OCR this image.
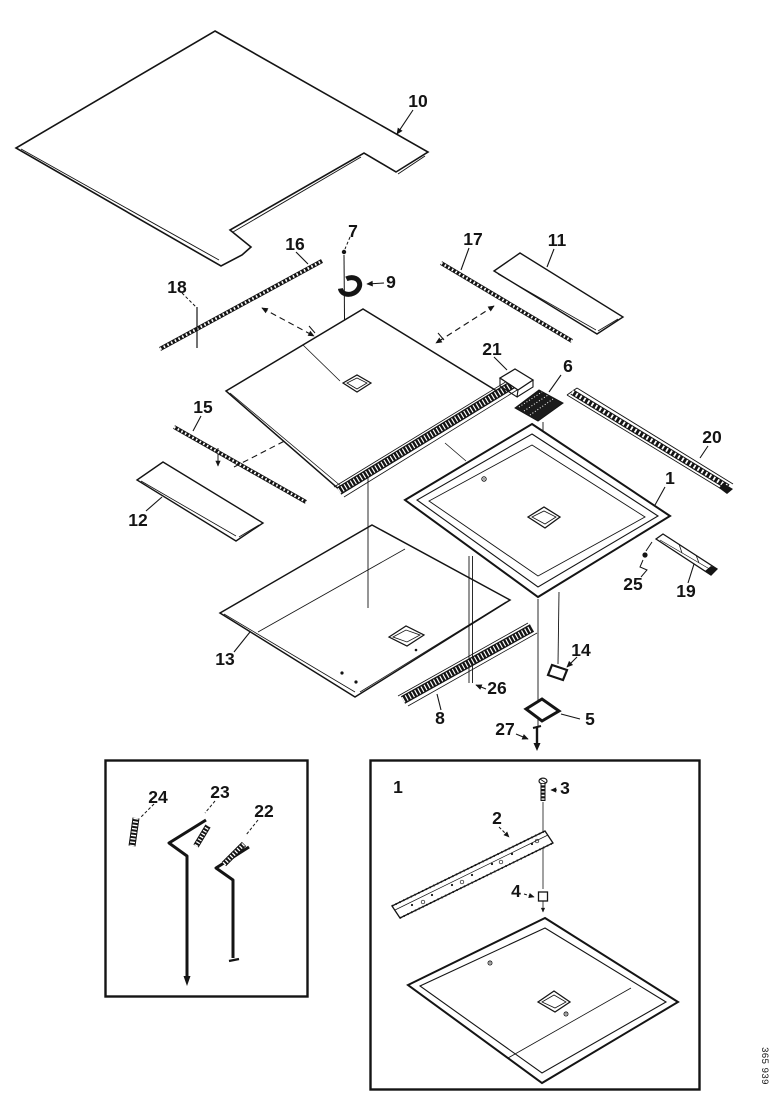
10
16
7	17	11
18	9
21
6
15
20
1
12
25 19
13	14
26
8
27	5
24 23
22
1	3
2
4
365 939
